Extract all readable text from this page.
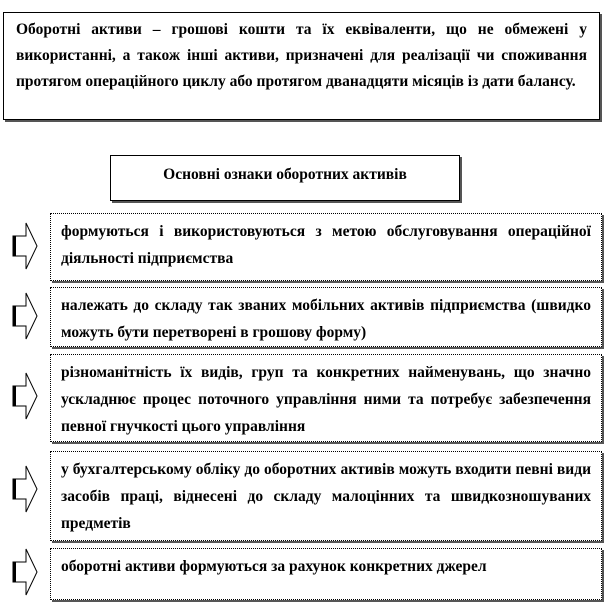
Оборотні активи – грошові кошти та їх еквіваленти, що не обмежені у використанні, а також інші активи, призначені для реалізації чи споживання протягом операційного циклу або протягом дванадцяти місяців із дати балансу.
Основні ознаки оборотних активів
формуються і використовуються з метою обслуговування операційної діяльності підприємства
належать до складу так званих мобільних активів підприємства (швидко можуть бути перетворені в грошову форму)
різноманітність їх видів, груп та конкретних найменувань, що значно ускладнює процес поточного управління ними та потребує забезпечення певної гнучкості цього управління
у бухгалтерському обліку до оборотних активів можуть входити певні види засобів праці, віднесені до складу малоцінних та швидкозношуваних предметів
оборотні активи формуються за рахунок конкретних джерел
